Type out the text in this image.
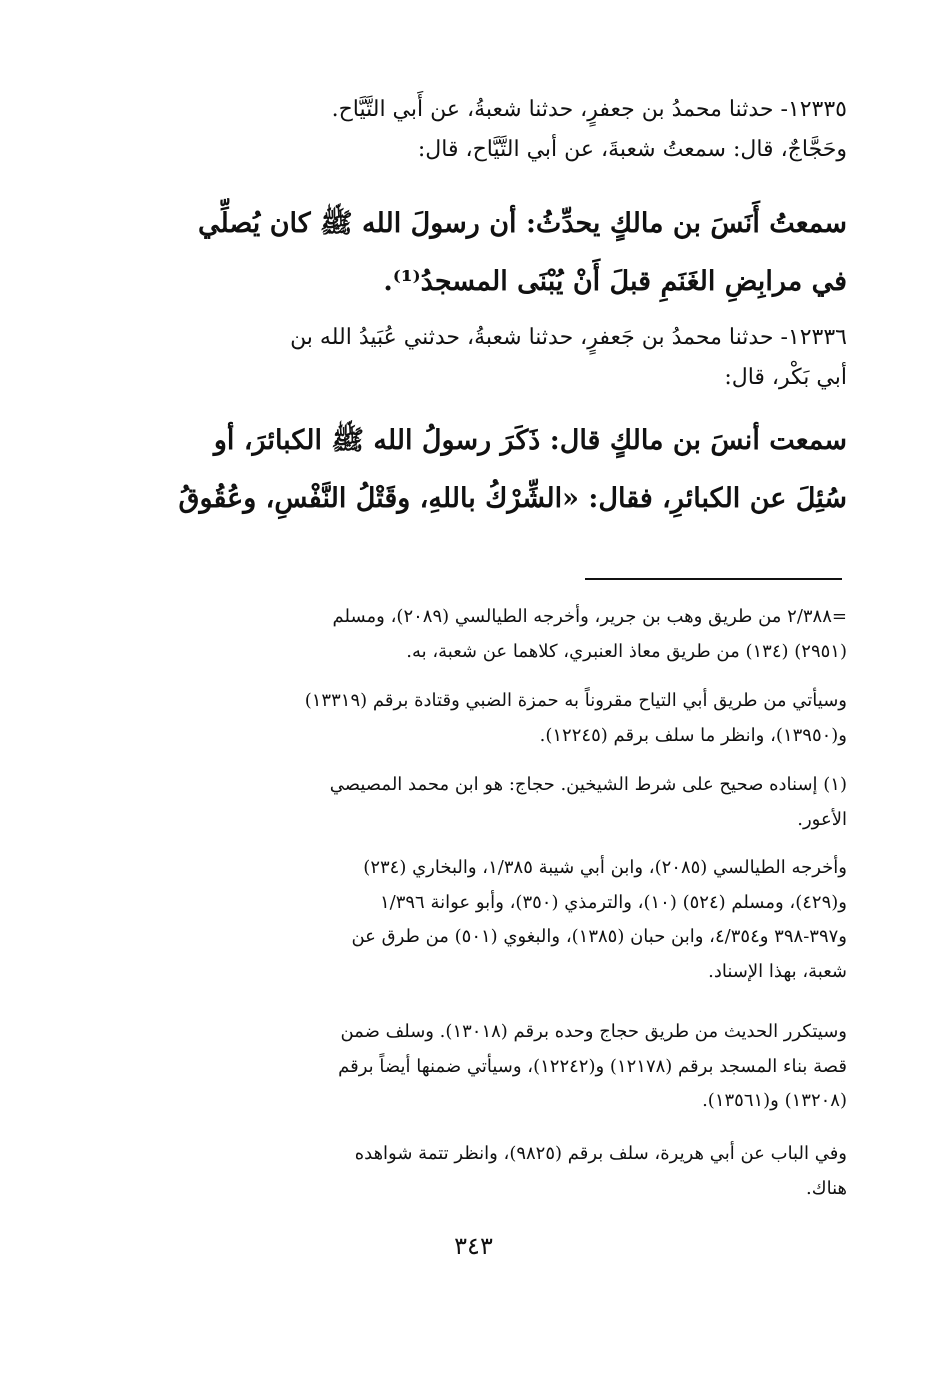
١٢٣٣٥- حدثنا محمدُ بن جعفرٍ، حدثنا شعبةُ، عن أَبي التَّيَّاح.
وحَجَّاجٌ، قال: سمعتُ شعبةَ، عن أبي التَّيَّاح، قال:
سمعتُ أَنَسَ بن مالكٍ يحدِّثُ: أن رسولَ الله ﷺ كان يُصلِّي
في مرابِضِ الغَنَمِ قبلَ أَنْ يُبْنَى المسجدُ⁽¹⁾.
١٢٣٣٦- حدثنا محمدُ بن جَعفرٍ، حدثنا شعبةُ، حدثني عُبَيدُ الله بن
أبي بَكْر، قال:
سمعت أنسَ بن مالكٍ قال: ذَكَرَ رسولُ الله ﷺ الكبائرَ، أو
سُئِلَ عن الكبائرِ، فقال: «الشِّرْكُ باللهِ، وقَتْلُ النَّفْسِ، وعُقُوقُ
=٢/٣٨٨ من طريق وهب بن جرير، وأخرجه الطيالسي (٢٠٨٩)، ومسلم
(٢٩٥١) (١٣٤) من طريق معاذ العنبري، كلاهما عن شعبة، به.
وسيأتي من طريق أبي التياح مقروناً به حمزة الضبي وقتادة برقم (١٣٣١٩)
و(١٣٩٥٠)، وانظر ما سلف برقم (١٢٢٤٥).
(١) إسناده صحيح على شرط الشيخين. حجاج: هو ابن محمد المصيصي
الأعور.
وأخرجه الطيالسي (٢٠٨٥)، وابن أبي شيبة ١/٣٨٥، والبخاري (٢٣٤)
و(٤٢٩)، ومسلم (٥٢٤) (١٠)، والترمذي (٣٥٠)، وأبو عوانة ١/٣٩٦
و٣٩٧-٣٩٨ و٤/٣٥٤، وابن حبان (١٣٨٥)، والبغوي (٥٠١) من طرق عن
شعبة، بهذا الإسناد.
وسيتكرر الحديث من طريق حجاج وحده برقم (١٣٠١٨). وسلف ضمن
قصة بناء المسجد برقم (١٢١٧٨) و(١٢٢٤٢)، وسيأتي ضمنها أيضاً برقم
(١٣٢٠٨) و(١٣٥٦١).
وفي الباب عن أبي هريرة، سلف برقم (٩٨٢٥)، وانظر تتمة شواهده
هناك.
٣٤٣
